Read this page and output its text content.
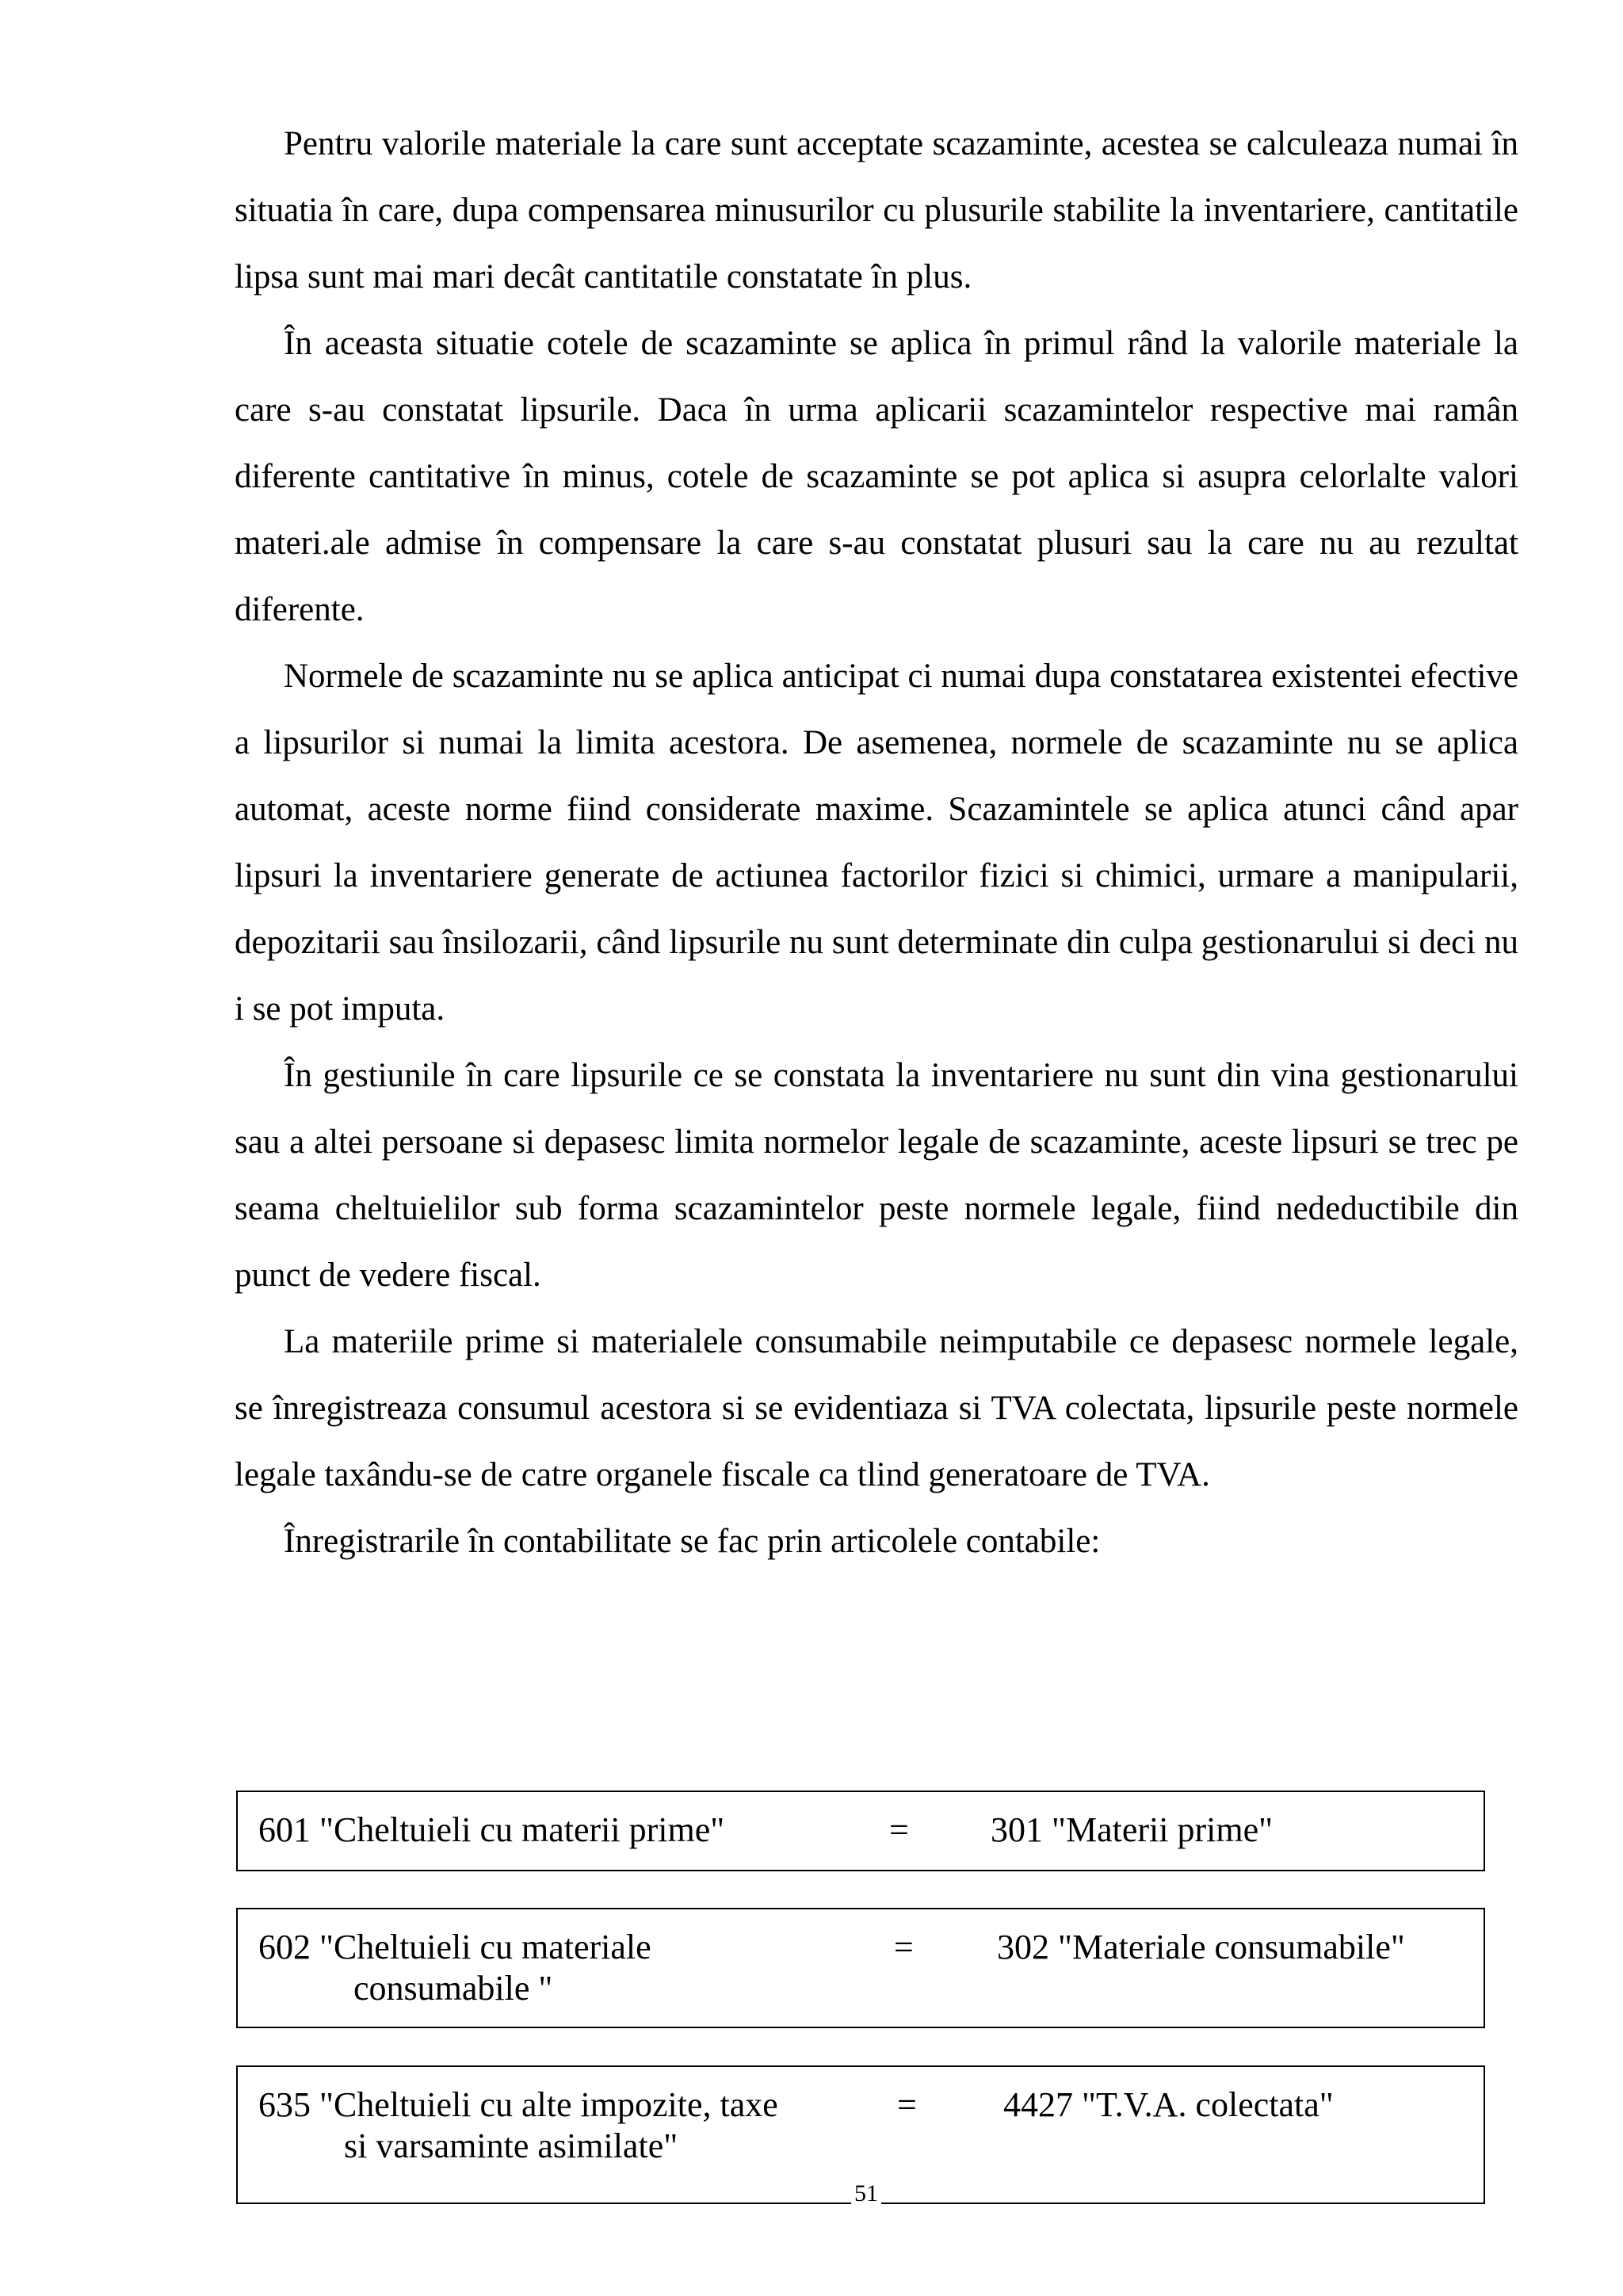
Pentru valorile materiale la care sunt acceptate scazaminte, acestea se calculeaza numai în situatia în care, dupa compensarea minusurilor cu plusurile stabilite la inventariere, cantitatile lipsa sunt mai mari decât cantitatile constatate în plus.

În aceasta situatie cotele de scazaminte se aplica în primul rând la valorile materiale la care s-au constatat lipsurile. Daca în urma aplicarii scazamintelor respective mai ramân diferente cantitative în minus, cotele de scazaminte se pot aplica si asupra celorlalte valori materi.ale admise în compensare la care s-au constatat plusuri sau la care nu au rezultat diferente.

Normele de scazaminte nu se aplica anticipat ci numai dupa constatarea existentei efective a lipsurilor si numai la limita acestora. De asemenea, normele de scazaminte nu se aplica automat, aceste norme fiind considerate maxime. Scazamintele se aplica atunci când apar lipsuri la inventariere generate de actiunea factorilor fizici si chimici, urmare a manipularii, depozitarii sau însilozarii, când lipsurile nu sunt determinate din culpa gestionarului si deci nu i se pot imputa.

În gestiunile în care lipsurile ce se constata la inventariere nu sunt din vina gestionarului sau a altei persoane si depasesc limita normelor legale de scazaminte, aceste lipsuri se trec pe seama cheltuielilor sub forma scazamintelor peste normele legale, fiind nedeductibile din punct de vedere fiscal.

La materiile prime si materialele consumabile neimputabile ce depasesc normele legale, se înregistreaza consumul acestora si se evidentiaza si TVA colectata, lipsurile peste normele legale taxându-se de catre organele fiscale ca tlind generatoare de TVA.

Înregistrarile în contabilitate se fac prin articolele contabile:

601 "Cheltuieli cu materii prime"	= 301 "Materii prime"
602 "Cheltuieli cu materiale
consumabile "
= 302 "Materiale consumabile"
635 "Cheltuieli cu alte impozite, taxe
si varsaminte asimilate"
= 4427 "T.V.A. colectata"
51
